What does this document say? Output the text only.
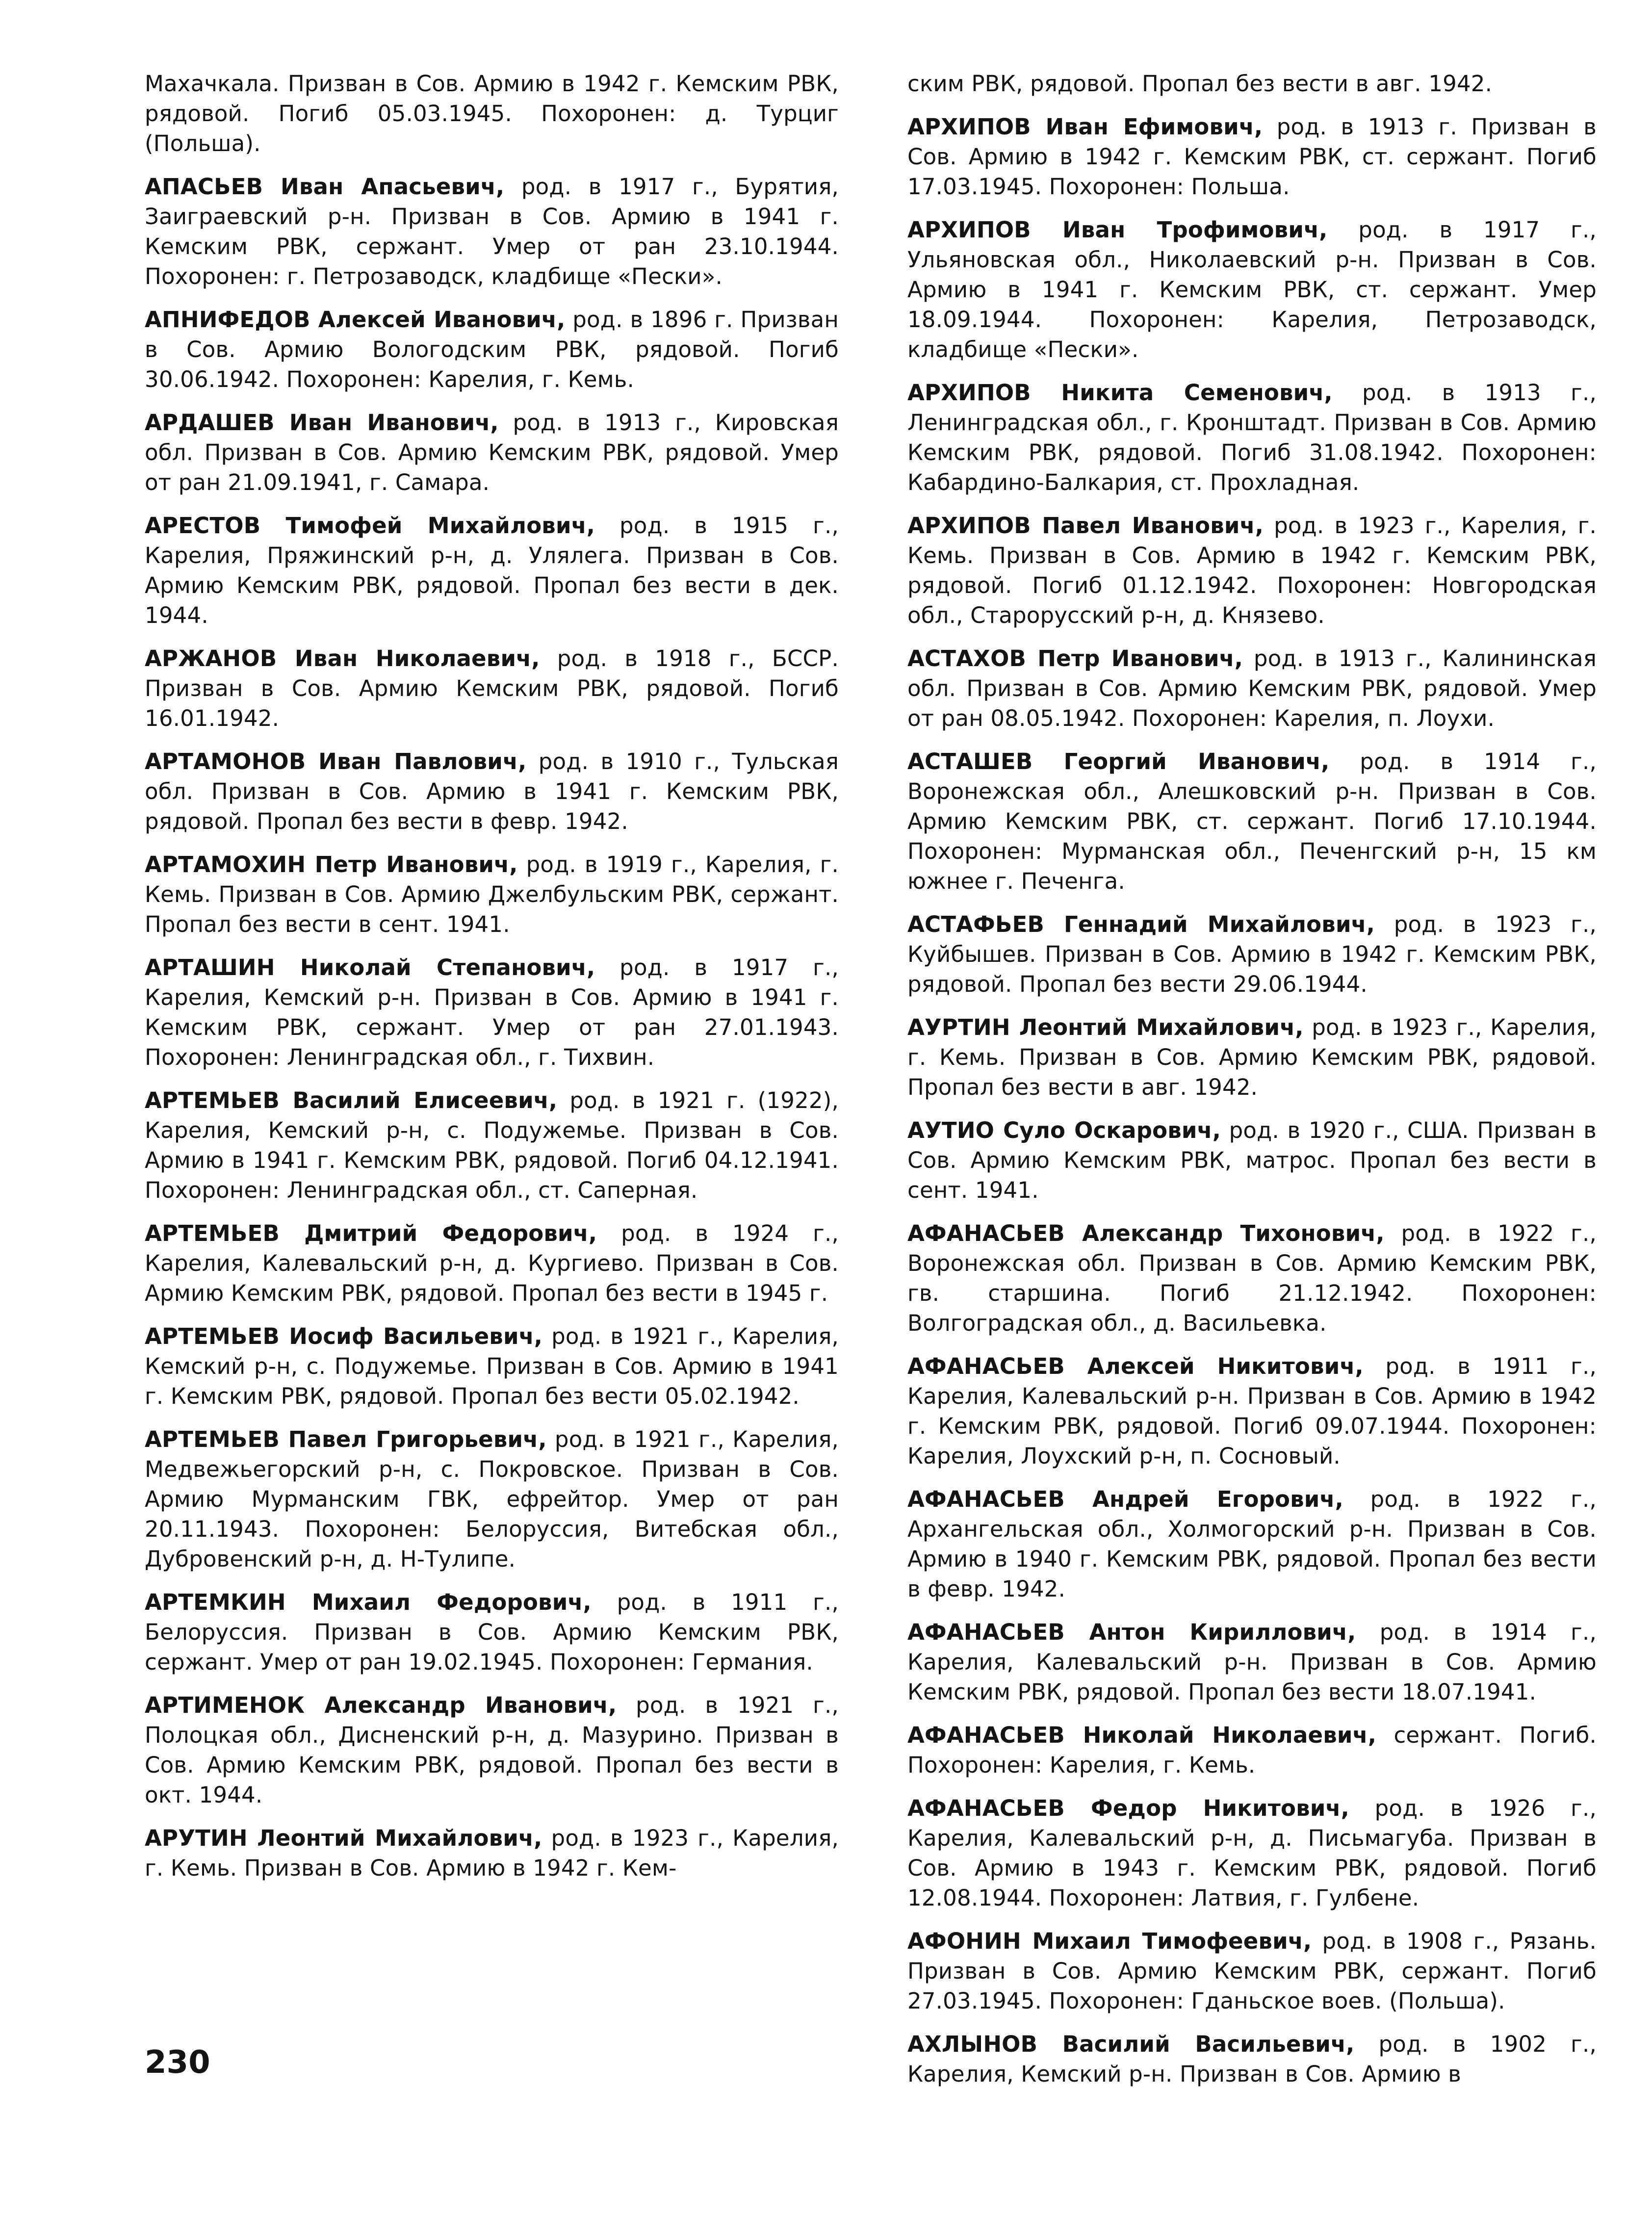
Махачкала. Призван в Сов. Армию в 1942 г. Кемским РВК, рядовой. Погиб 05.03.1945. Похоронен: д. Турциг (Польша).

АПАСЬЕВ Иван Апасьевич, род. в 1917 г., Бурятия, Заиграевский р-н. Призван в Сов. Армию в 1941 г. Кемским РВК, сержант. Умер от ран 23.10.1944. Похоронен: г. Петрозаводск, кладбище «Пески».

АПНИФЕДОВ Алексей Иванович, род. в 1896 г. Призван в Сов. Армию Вологодским РВК, рядовой. Погиб 30.06.1942. Похоронен: Карелия, г. Кемь.

АРДАШЕВ Иван Иванович, род. в 1913 г., Кировская обл. Призван в Сов. Армию Кемским РВК, рядовой. Умер от ран 21.09.1941, г. Самара.

АРЕСТОВ Тимофей Михайлович, род. в 1915 г., Карелия, Пряжинский р-н, д. Улялега. Призван в Сов. Армию Кемским РВК, рядовой. Пропал без вести в дек. 1944.

АРЖАНОВ Иван Николаевич, род. в 1918 г., БССР. Призван в Сов. Армию Кемским РВК, рядовой. Погиб 16.01.1942.

АРТАМОНОВ Иван Павлович, род. в 1910 г., Тульская обл. Призван в Сов. Армию в 1941 г. Кемским РВК, рядовой. Пропал без вести в февр. 1942.

АРТАМОХИН Петр Иванович, род. в 1919 г., Карелия, г. Кемь. Призван в Сов. Армию Джелбульским РВК, сержант. Пропал без вести в сент. 1941.

АРТАШИН Николай Степанович, род. в 1917 г., Карелия, Кемский р-н. Призван в Сов. Армию в 1941 г. Кемским РВК, сержант. Умер от ран 27.01.1943. Похоронен: Ленинградская обл., г. Тихвин.

АРТЕМЬЕВ Василий Елисеевич, род. в 1921 г. (1922), Карелия, Кемский р-н, с. Подужемье. Призван в Сов. Армию в 1941 г. Кемским РВК, рядовой. Погиб 04.12.1941. Похоронен: Ленинградская обл., ст. Саперная.

АРТЕМЬЕВ Дмитрий Федорович, род. в 1924 г., Карелия, Калевальский р-н, д. Кургиево. Призван в Сов. Армию Кемским РВК, рядовой. Пропал без вести в 1945 г.

АРТЕМЬЕВ Иосиф Васильевич, род. в 1921 г., Карелия, Кемский р-н, с. Подужемье. Призван в Сов. Армию в 1941 г. Кемским РВК, рядовой. Пропал без вести 05.02.1942.

АРТЕМЬЕВ Павел Григорьевич, род. в 1921 г., Карелия, Медвежьегорский р-н, с. Покровское. Призван в Сов. Армию Мурманским ГВК, ефрейтор. Умер от ран 20.11.1943. Похоронен: Белоруссия, Витебская обл., Дубровенский р-н, д. Н-Тулипе.

АРТЕМКИН Михаил Федорович, род. в 1911 г., Белоруссия. Призван в Сов. Армию Кемским РВК, сержант. Умер от ран 19.02.1945. Похоронен: Германия.

АРТИМЕНОК Александр Иванович, род. в 1921 г., Полоцкая обл., Дисненский р-н, д. Мазурино. Призван в Сов. Армию Кемским РВК, рядовой. Пропал без вести в окт. 1944.

АРУТИН Леонтий Михайлович, род. в 1923 г., Карелия, г. Кемь. Призван в Сов. Армию в 1942 г. Кем-

ским РВК, рядовой. Пропал без вести в авг. 1942.

АРХИПОВ Иван Ефимович, род. в 1913 г. Призван в Сов. Армию в 1942 г. Кемским РВК, ст. сержант. Погиб 17.03.1945. Похоронен: Польша.

АРХИПОВ Иван Трофимович, род. в 1917 г., Ульяновская обл., Николаевский р-н. Призван в Сов. Армию в 1941 г. Кемским РВК, ст. сержант. Умер 18.09.1944. Похоронен: Карелия, Петрозаводск, кладбище «Пески».

АРХИПОВ Никита Семенович, род. в 1913 г., Ленинградская обл., г. Кронштадт. Призван в Сов. Армию Кемским РВК, рядовой. Погиб 31.08.1942. Похоронен: Кабардино-Балкария, ст. Прохладная.

АРХИПОВ Павел Иванович, род. в 1923 г., Карелия, г. Кемь. Призван в Сов. Армию в 1942 г. Кемским РВК, рядовой. Погиб 01.12.1942. Похоронен: Новгородская обл., Старорусский р-н, д. Князево.

АСТАХОВ Петр Иванович, род. в 1913 г., Калининская обл. Призван в Сов. Армию Кемским РВК, рядовой. Умер от ран 08.05.1942. Похоронен: Карелия, п. Лоухи.

АСТАШЕВ Георгий Иванович, род. в 1914 г., Воронежская обл., Алешковский р-н. Призван в Сов. Армию Кемским РВК, ст. сержант. Погиб 17.10.1944. Похоронен: Мурманская обл., Печенгский р-н, 15 км южнее г. Печенга.

АСТАФЬЕВ Геннадий Михайлович, род. в 1923 г., Куйбышев. Призван в Сов. Армию в 1942 г. Кемским РВК, рядовой. Пропал без вести 29.06.1944.

АУРТИН Леонтий Михайлович, род. в 1923 г., Карелия, г. Кемь. Призван в Сов. Армию Кемским РВК, рядовой. Пропал без вести в авг. 1942.

АУТИО Суло Оскарович, род. в 1920 г., США. Призван в Сов. Армию Кемским РВК, матрос. Пропал без вести в сент. 1941.

АФАНАСЬЕВ Александр Тихонович, род. в 1922 г., Воронежская обл. Призван в Сов. Армию Кемским РВК, гв. старшина. Погиб 21.12.1942. Похоронен: Волгоградская обл., д. Васильевка.

АФАНАСЬЕВ Алексей Никитович, род. в 1911 г., Карелия, Калевальский р-н. Призван в Сов. Армию в 1942 г. Кемским РВК, рядовой. Погиб 09.07.1944. Похоронен: Карелия, Лоухский р-н, п. Сосновый.

АФАНАСЬЕВ Андрей Егорович, род. в 1922 г., Архангельская обл., Холмогорский р-н. Призван в Сов. Армию в 1940 г. Кемским РВК, рядовой. Пропал без вести в февр. 1942.

АФАНАСЬЕВ Антон Кириллович, род. в 1914 г., Карелия, Калевальский р-н. Призван в Сов. Армию Кемским РВК, рядовой. Пропал без вести 18.07.1941.

АФАНАСЬЕВ Николай Николаевич, сержант. Погиб. Похоронен: Карелия, г. Кемь.

АФАНАСЬЕВ Федор Никитович, род. в 1926 г., Карелия, Калевальский р-н, д. Письмагуба. Призван в Сов. Армию в 1943 г. Кемским РВК, рядовой. Погиб 12.08.1944. Похоронен: Латвия, г. Гулбене.

АФОНИН Михаил Тимофеевич, род. в 1908 г., Рязань. Призван в Сов. Армию Кемским РВК, сержант. Погиб 27.03.1945. Похоронен: Гданьское воев. (Польша).

АХЛЫНОВ Василий Васильевич, род. в 1902 г., Карелия, Кемский р-н. Призван в Сов. Армию в

230
